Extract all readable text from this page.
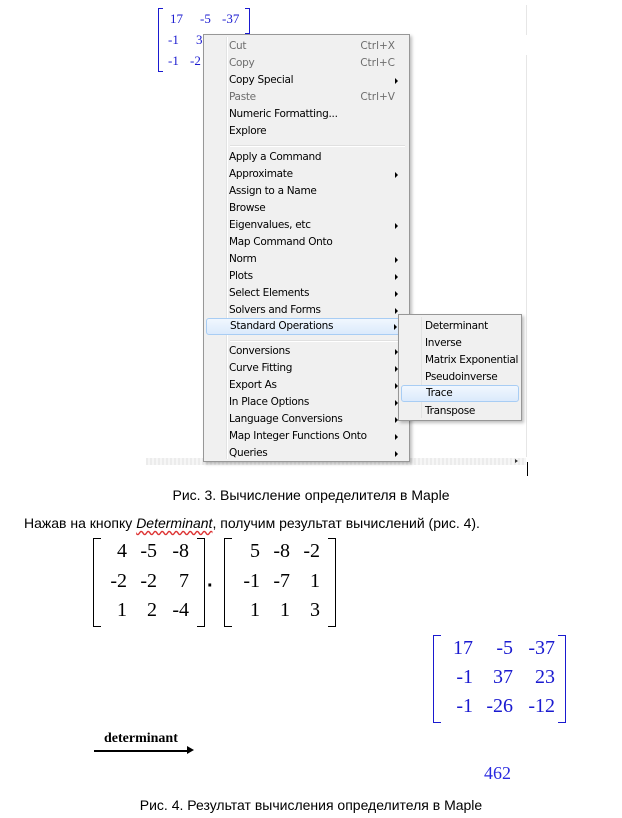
17 -5 -37
-1 3
-1 -2
Cut	Ctrl+X
Copy	Ctrl+C
Copy Special
Paste	Ctrl+V
Numeric Formatting...
Explore
Apply a Command
Approximate
Assign to a Name
Browse
Eigenvalues, etc
Map Command Onto
Norm
Plots
Select Elements
Solvers and Forms
Standard Operations
Conversions
Curve Fitting
Export As
In Place Options
Language Conversions
Map Integer Functions Onto
Queries
Determinant
Inverse
Matrix Exponential
Pseudoinverse
Trace
Transpose
Рис. 3. Вычисление определителя в Maple
Нажав на кнопку Determinant, получим результат вычислений (рис. 4).
4 -5 -8
-2 -2	7
1	2 -4
·
5 -8 -2
-1 -7	1
1	1	3
17	-5 -37
-1	37	23
-1 -26 -12
determinant
462
Рис. 4. Результат вычисления определителя в Maple
